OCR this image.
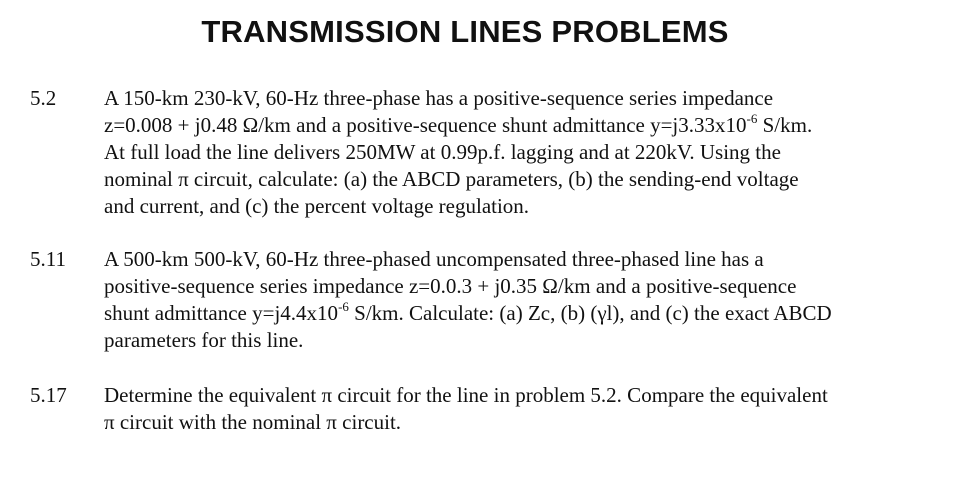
TRANSMISSION LINES PROBLEMS
5.2	A 150-km 230-kV, 60-Hz three-phase has a positive-sequence series impedance
z=0.008 + j0.48 Ω/km and a positive-sequence shunt admittance $y=j3.33x10^{-6}$ S/km.
At full load the line delivers 250MW at 0.99p.f. lagging and at 220kV. Using the
nominal π circuit, calculate: (a) the ABCD parameters, (b) the sending-end voltage
and current, and (c) the percent voltage regulation.
5.11	A 500-km 500-kV, 60-Hz three-phased uncompensated three-phased line has a
positive-sequence series impedance z=0.0.3 + j0.35 Ω/km and a positive-sequence
shunt admittance $y=j4.4x10^{-6}$ S/km. Calculate: (a) Zc, (b) (γl), and (c) the exact ABCD
parameters for this line.
5.17	Determine the equivalent π circuit for the line in problem 5.2. Compare the equivalent
π circuit with the nominal π circuit.
